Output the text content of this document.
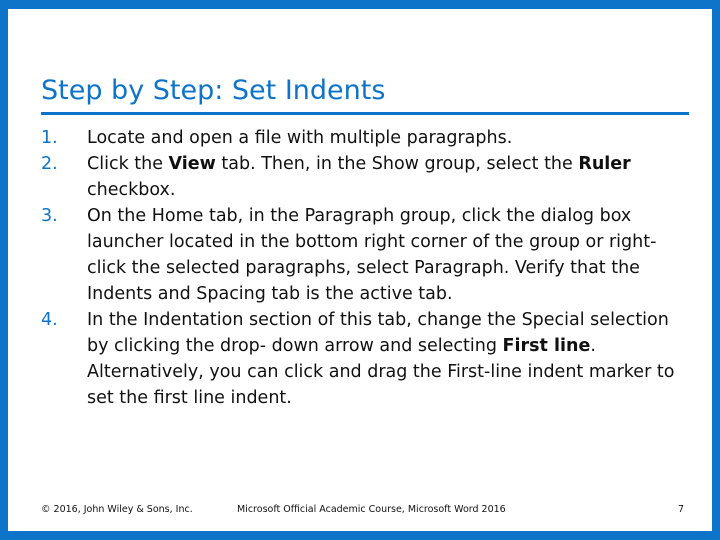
Step by Step: Set Indents
1. Locate and open a file with multiple paragraphs.
2. Click the View tab. Then, in the Show group, select the Ruler checkbox.
3. On the Home tab, in the Paragraph group, click the dialog box launcher located in the bottom right corner of the group or right-click the selected paragraphs, select Paragraph. Verify that the Indents and Spacing tab is the active tab.
4. In the Indentation section of this tab, change the Special selection by clicking the drop- down arrow and selecting First line. Alternatively, you can click and drag the First-line indent marker to set the first line indent.
© 2016, John Wiley & Sons, Inc.	Microsoft Official Academic Course, Microsoft Word 2016	7
